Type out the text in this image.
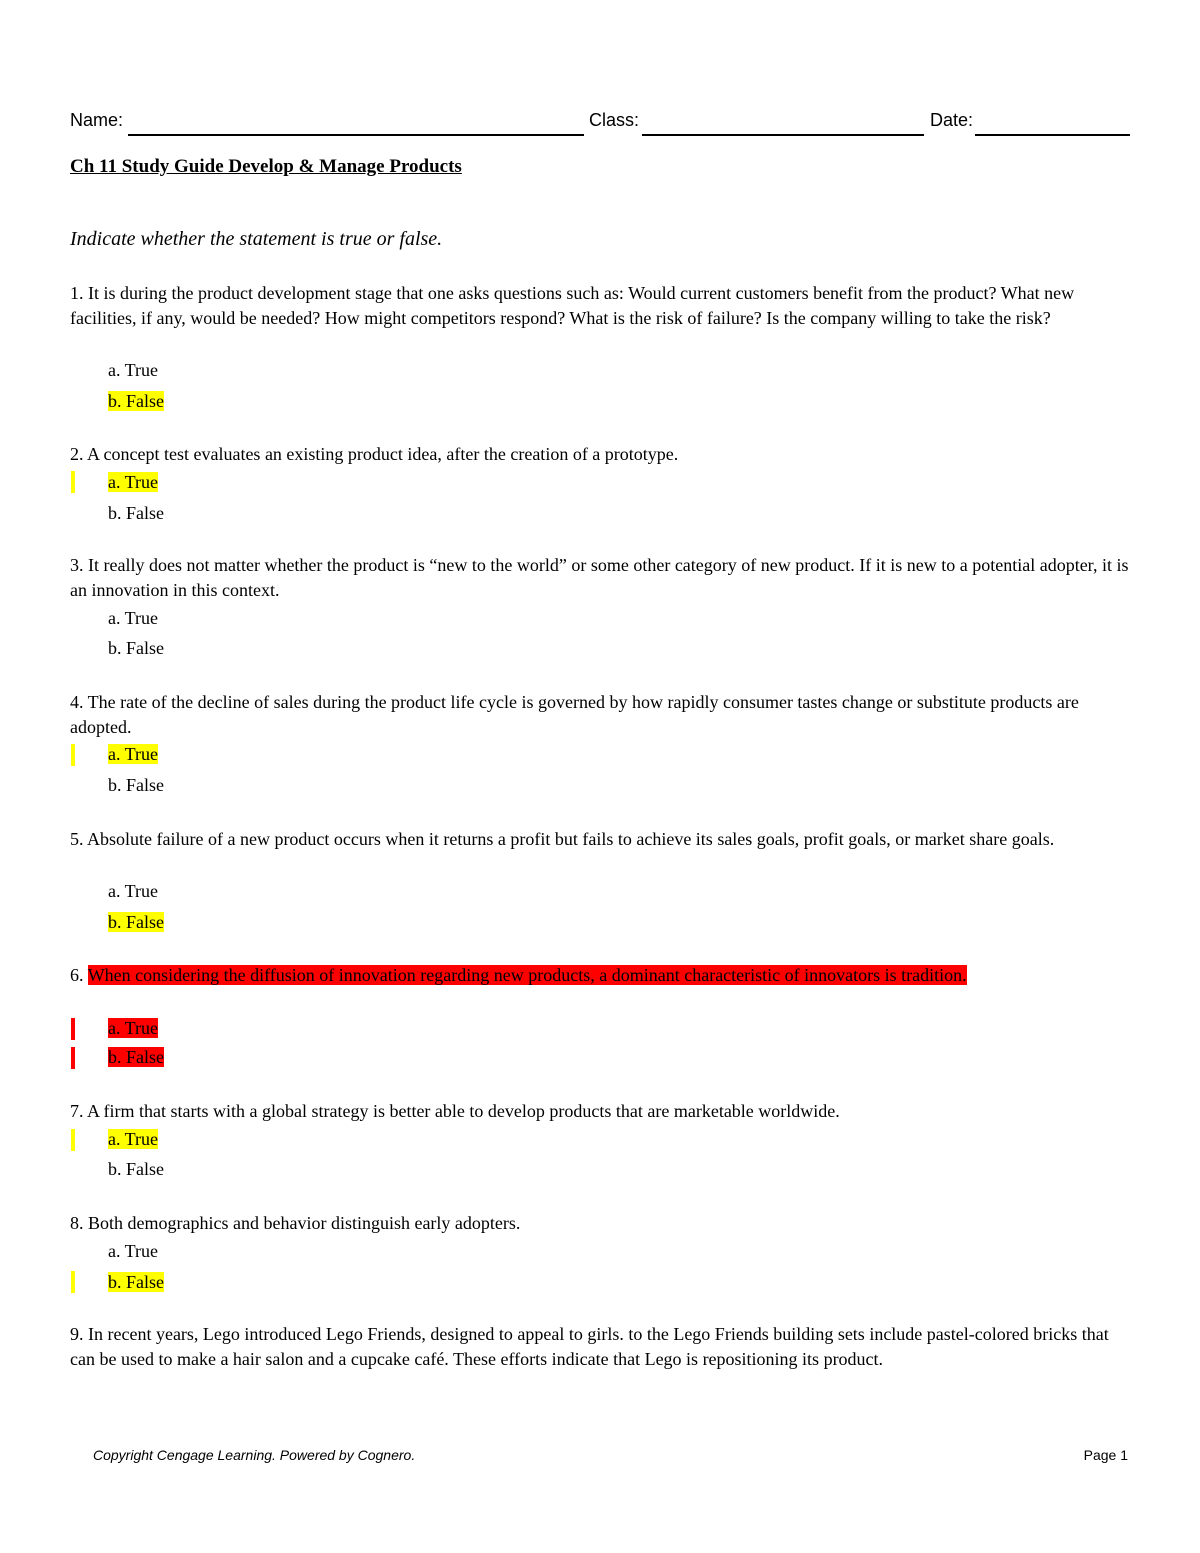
Name:	Class:	Date:
Ch 11 Study Guide Develop & Manage Products
Indicate whether the statement is true or false.
1. It is during the product development stage that one asks questions such as: Would current customers benefit from the product? What new facilities, if any, would be needed? How might competitors respond? What is the risk of failure? Is the company willing to take the risk?
a. True
b. False
2. A concept test evaluates an existing product idea, after the creation of a prototype.
a. True
b. False
3. It really does not matter whether the product is “new to the world” or some other category of new product. If it is new to a potential adopter, it is an innovation in this context.
a. True
b. False
4. The rate of the decline of sales during the product life cycle is governed by how rapidly consumer tastes change or substitute products are adopted.
a. True
b. False
5. Absolute failure of a new product occurs when it returns a profit but fails to achieve its sales goals, profit goals, or market share goals.
a. True
b. False
6. When considering the diffusion of innovation regarding new products, a dominant characteristic of innovators is tradition.
a. True
b. False
7. A firm that starts with a global strategy is better able to develop products that are marketable worldwide.
a. True
b. False
8. Both demographics and behavior distinguish early adopters.
a. True
b. False
9. In recent years, Lego introduced Lego Friends, designed to appeal to girls. to the Lego Friends building sets include pastel-colored bricks that can be used to make a hair salon and a cupcake café. These efforts indicate that Lego is repositioning its product.
Copyright Cengage Learning. Powered by Cognero.	Page 1
